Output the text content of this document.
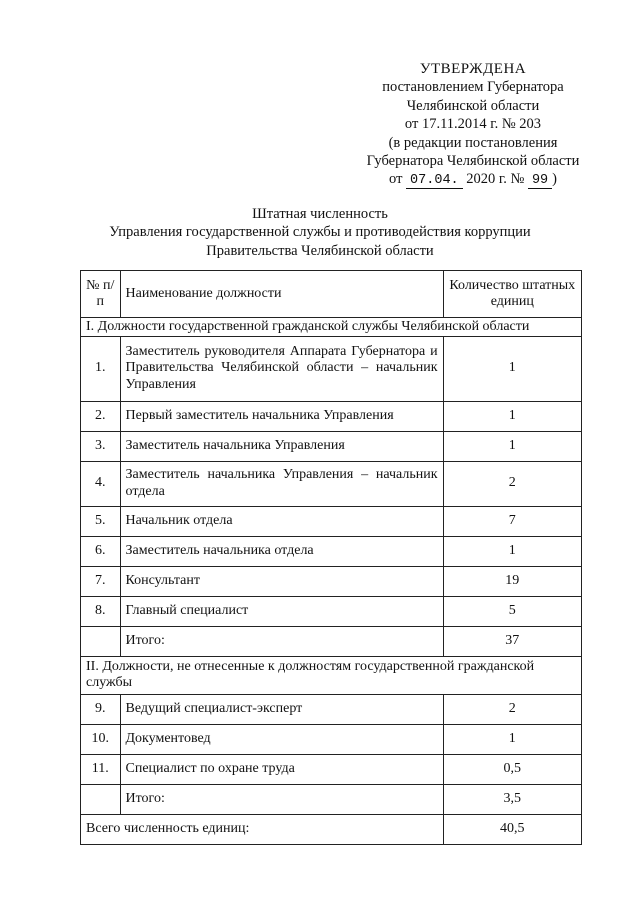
УТВЕРЖДЕНА
постановлением Губернатора
Челябинской области
от 17.11.2014 г. № 203
(в редакции постановления
Губернатора Челябинской области
от 07.04. 2020 г. № 99 )
Штатная численность
Управления государственной службы и противодействия коррупции
Правительства Челябинской области
№ п/п	Наименование должности	Количество штатных единиц
I. Должности государственной гражданской службы Челябинской области		
1.	Заместитель руководителя Аппарата Губернатора и Правительства Челябинской области – начальник Управления	1
2.	Первый заместитель начальника Управления	1
3.	Заместитель начальника Управления	1
4.	Заместитель начальника Управления – начальник отдела	2
5.	Начальник отдела	7
6.	Заместитель начальника отдела	1
7.	Консультант	19
8.	Главный специалист	5
	Итого:	37
II. Должности, не отнесенные к должностям государственной гражданской службы		
9.	Ведущий специалист-эксперт	2
10.	Документовед	1
11.	Специалист по охране труда	0,5
	Итого:	3,5
Всего численность единиц:		40,5
